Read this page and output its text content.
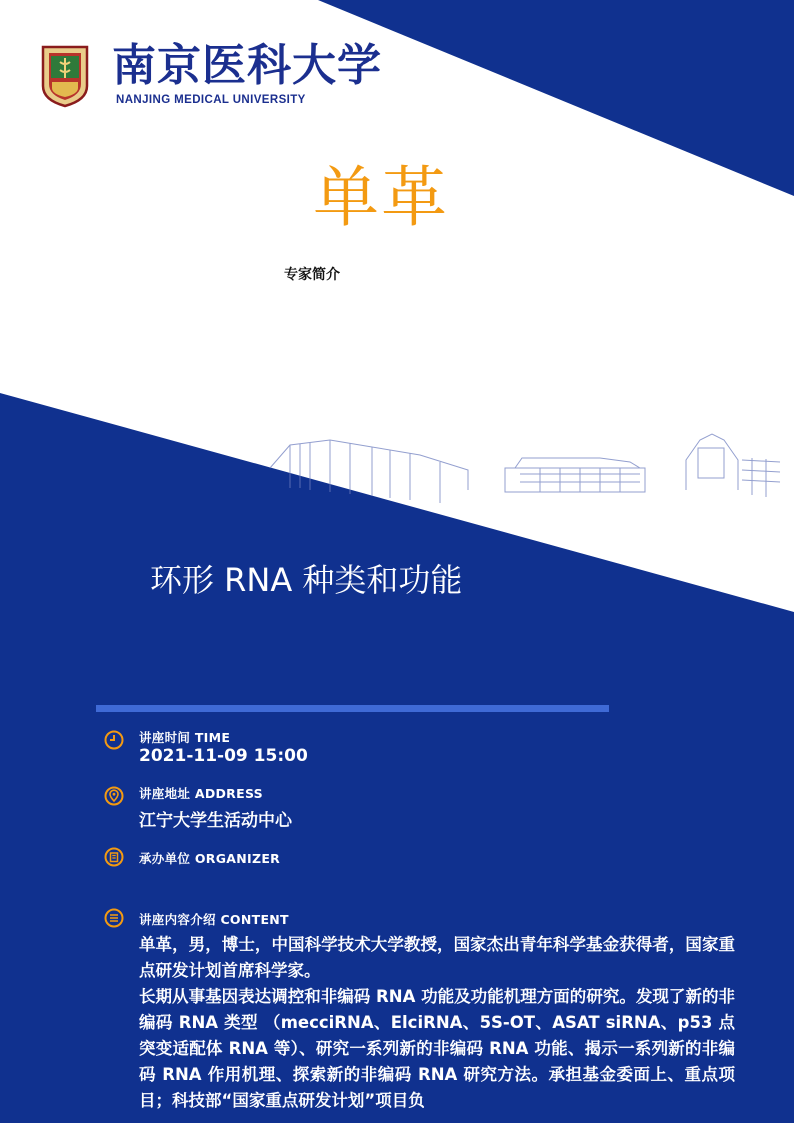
南京医科大学
NANJING MEDICAL UNIVERSITY
单革
专家简介
环形 RNA 种类和功能
讲座时间 TIME
2021-11-09 15:00
讲座地址 ADDRESS
江宁大学生活动中心
承办单位 ORGANIZER
讲座内容介绍 CONTENT

单革，男，博士，中国科学技术大学教授，国家杰出青年科学基金获得者，国家重点研发计划首席科学家。

长期从事基因表达调控和非编码 RNA 功能及功能机理方面的研究。发现了新的非编码 RNA 类型 （mecciRNA、ElciRNA、5S-OT、ASAT siRNA、p53 点突变适配体 RNA 等）、研究一系列新的非编码 RNA 功能、揭示一系列新的非编码 RNA 作用机理、探索新的非编码 RNA 研究方法。承担基金委面上、重点项目；科技部“国家重点研发计划”项目负
